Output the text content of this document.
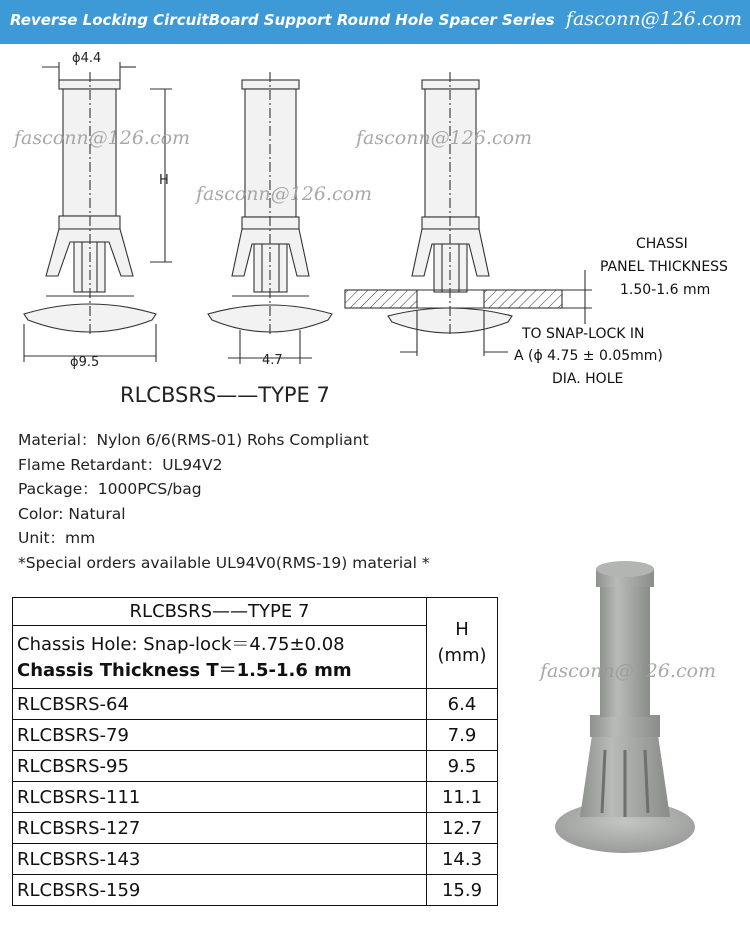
Reverse Locking CircuitBoard Support Round Hole Spacer Series fasconn@126.com
ϕ4.4
H
ϕ9.5	4.7
CHASSI
PANEL THICKNESS
1.50-1.6 mm
TO SNAP-LOCK IN
A (ϕ 4.75 ± 0.05mm)
DIA. HOLE
fasconn@126.com	fasconn@126.com
fasconn@126.com
RLCBSRS——TYPE 7
Material：Nylon 6/6(RMS-01) Rohs Compliant
Flame Retardant：UL94V2
Package：1000PCS/bag
Color: Natural
Unit：mm
*Special orders available UL94V0(RMS-19) material *
RLCBSRS——TYPE 7	H
(mm)

Chassis Hole: Snap-lock＝4.75±0.08
Chassis Thickness T＝1.5-1.6 mm	

RLCBSRS-64	6.4
RLCBSRS-79	7.9
RLCBSRS-95	9.5
RLCBSRS-111	11.1
RLCBSRS-127	12.7
RLCBSRS-143	14.3
RLCBSRS-159	15.9
fasconn@126.com
